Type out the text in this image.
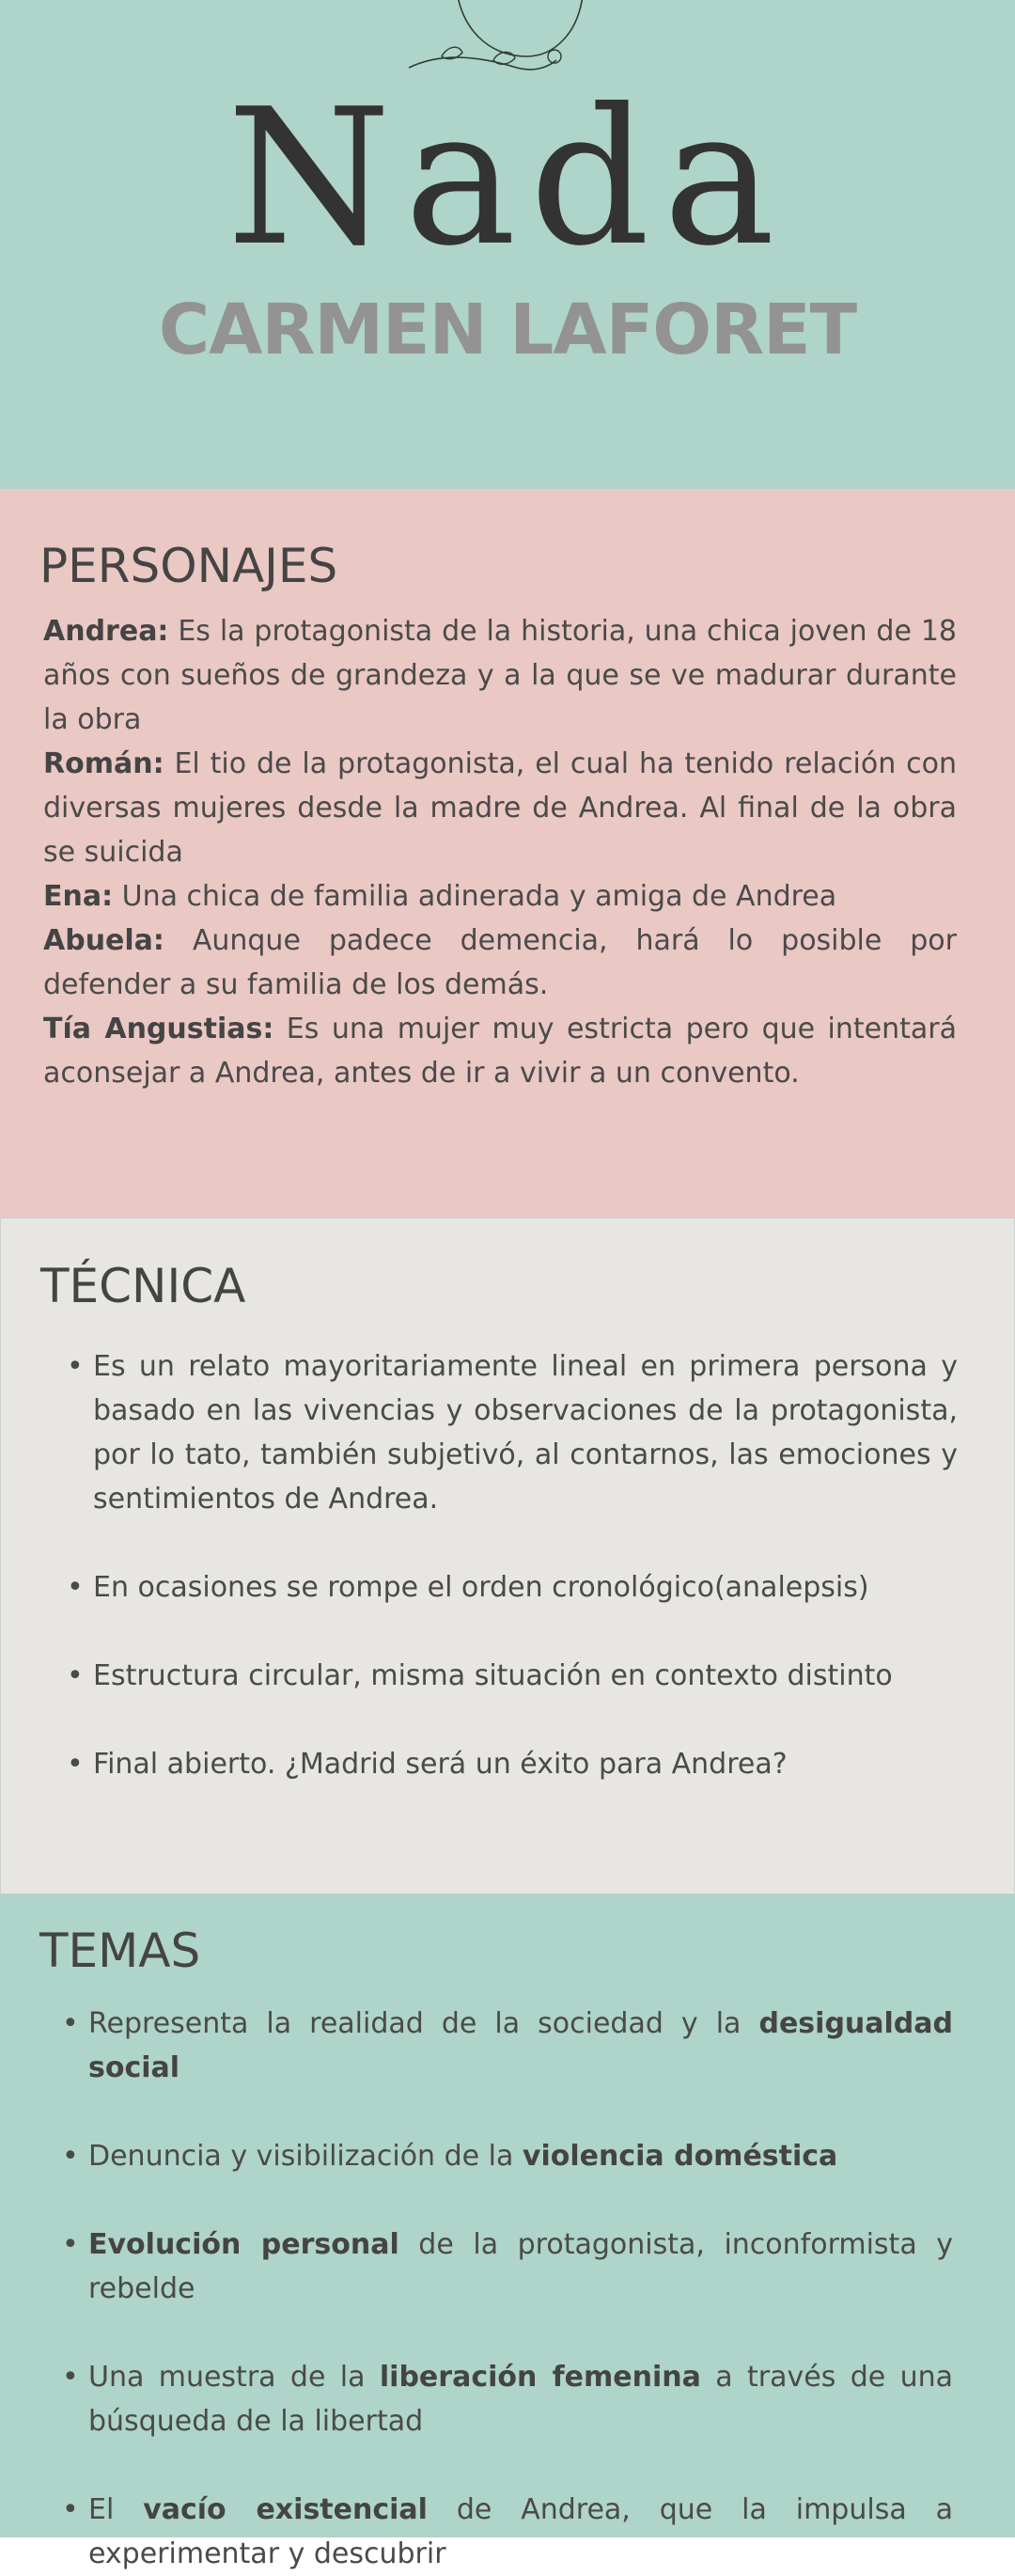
Nada
CARMEN LAFORET
PERSONAJES

Andrea: Es la protagonista de la historia, una chica joven de 18 años con sueños de grandeza y a la que se ve madurar durante la obra

Román: El tio de la protagonista, el cual ha tenido relación con diversas mujeres desde la madre de Andrea. Al final de la obra se suicida

Ena: Una chica de familia adinerada y amiga de Andrea

Abuela: Aunque padece demencia, hará lo posible por defender a su familia de los demás.

Tía Angustias: Es una mujer muy estricta pero que intentará aconsejar a Andrea, antes de ir a vivir a un convento.

TÉCNICA
• Es un relato mayoritariamente lineal en primera persona y basado en las vivencias y observaciones de la protagonista, por lo tato, también subjetivó, al contarnos, las emociones y sentimientos de Andrea.
• En ocasiones se rompe el orden cronológico(analepsis)
• Estructura circular, misma situación en contexto distinto
• Final abierto. ¿Madrid será un éxito para Andrea?
TEMAS
• Representa la realidad de la sociedad y la desigualdad social
• Denuncia y visibilización de la violencia doméstica
• Evolución personal de la protagonista, inconformista y rebelde
• Una muestra de la liberación femenina a través de una búsqueda de la libertad
• El vacío existencial de Andrea, que la impulsa a experimentar y descubrir
